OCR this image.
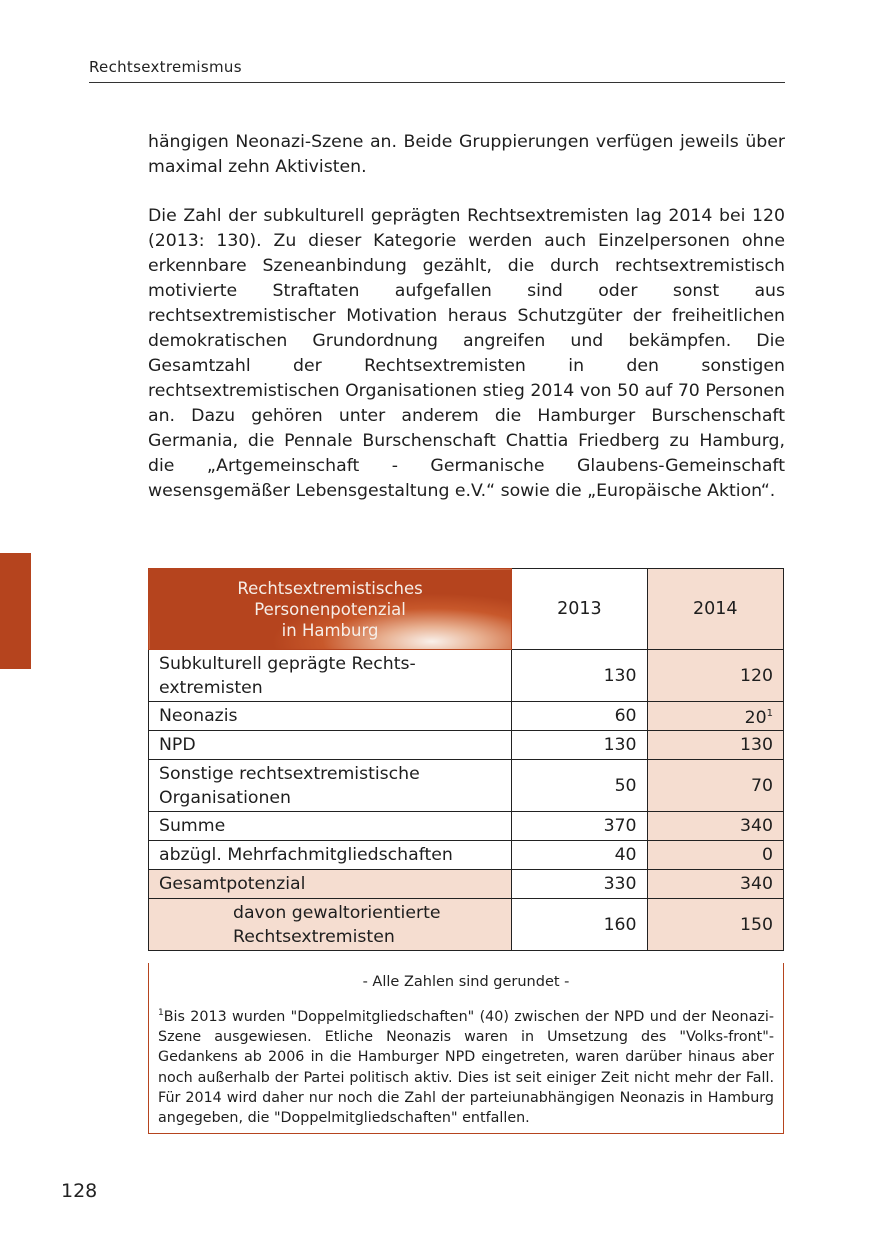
Rechtsextremismus

hängigen Neonazi-Szene an. Beide Gruppierungen verfügen jeweils über maximal zehn Aktivisten.

Die Zahl der subkulturell geprägten Rechtsextremisten lag 2014 bei 120 (2013: 130). Zu dieser Kategorie werden auch Einzelpersonen ohne erkennbare Szeneanbindung gezählt, die durch rechtsextremistisch motivierte Straftaten aufgefallen sind oder sonst aus rechtsextremistischer Motivation heraus Schutzgüter der freiheitlichen demokratischen Grundordnung angreifen und bekämpfen. Die Gesamtzahl der Rechtsextremisten in den sonstigen rechtsextremistischen Organisationen stieg 2014 von 50 auf 70 Personen an. Dazu gehören unter anderem die Hamburger Burschenschaft Germania, die Pennale Burschenschaft Chattia Friedberg zu Hamburg, die „Artgemeinschaft - Germanische Glaubens-Gemeinschaft wesensgemäßer Lebensgestaltung e.V.“ sowie die „Europäische Aktion“.

Rechtsextremistisches
Personenpotenzial
in Hamburg	2013	2014
Subkulturell geprägte Rechts-extremisten	130	120
Neonazis	60	$20^1$
NPD	130	130
Sonstige rechtsextremistische Organisationen	50	70
Summe	370	340
abzügl. Mehrfachmitgliedschaften	40	0
Gesamtpotenzial	330	340
davon gewaltorientierte Rechtsextremisten	160	150
- Alle Zahlen sind gerundet -
$^1$Bis 2013 wurden "Doppelmitgliedschaften" (40) zwischen der NPD und der Neonazi-Szene ausgewiesen. Etliche Neonazis waren in Umsetzung des "Volks-front"-Gedankens ab 2006 in die Hamburger NPD eingetreten, waren darüber hinaus aber noch außerhalb der Partei politisch aktiv. Dies ist seit einiger Zeit nicht mehr der Fall. Für 2014 wird daher nur noch die Zahl der parteiunabhängigen Neonazis in Hamburg angegeben, die "Doppelmitgliedschaften" entfallen.
128
